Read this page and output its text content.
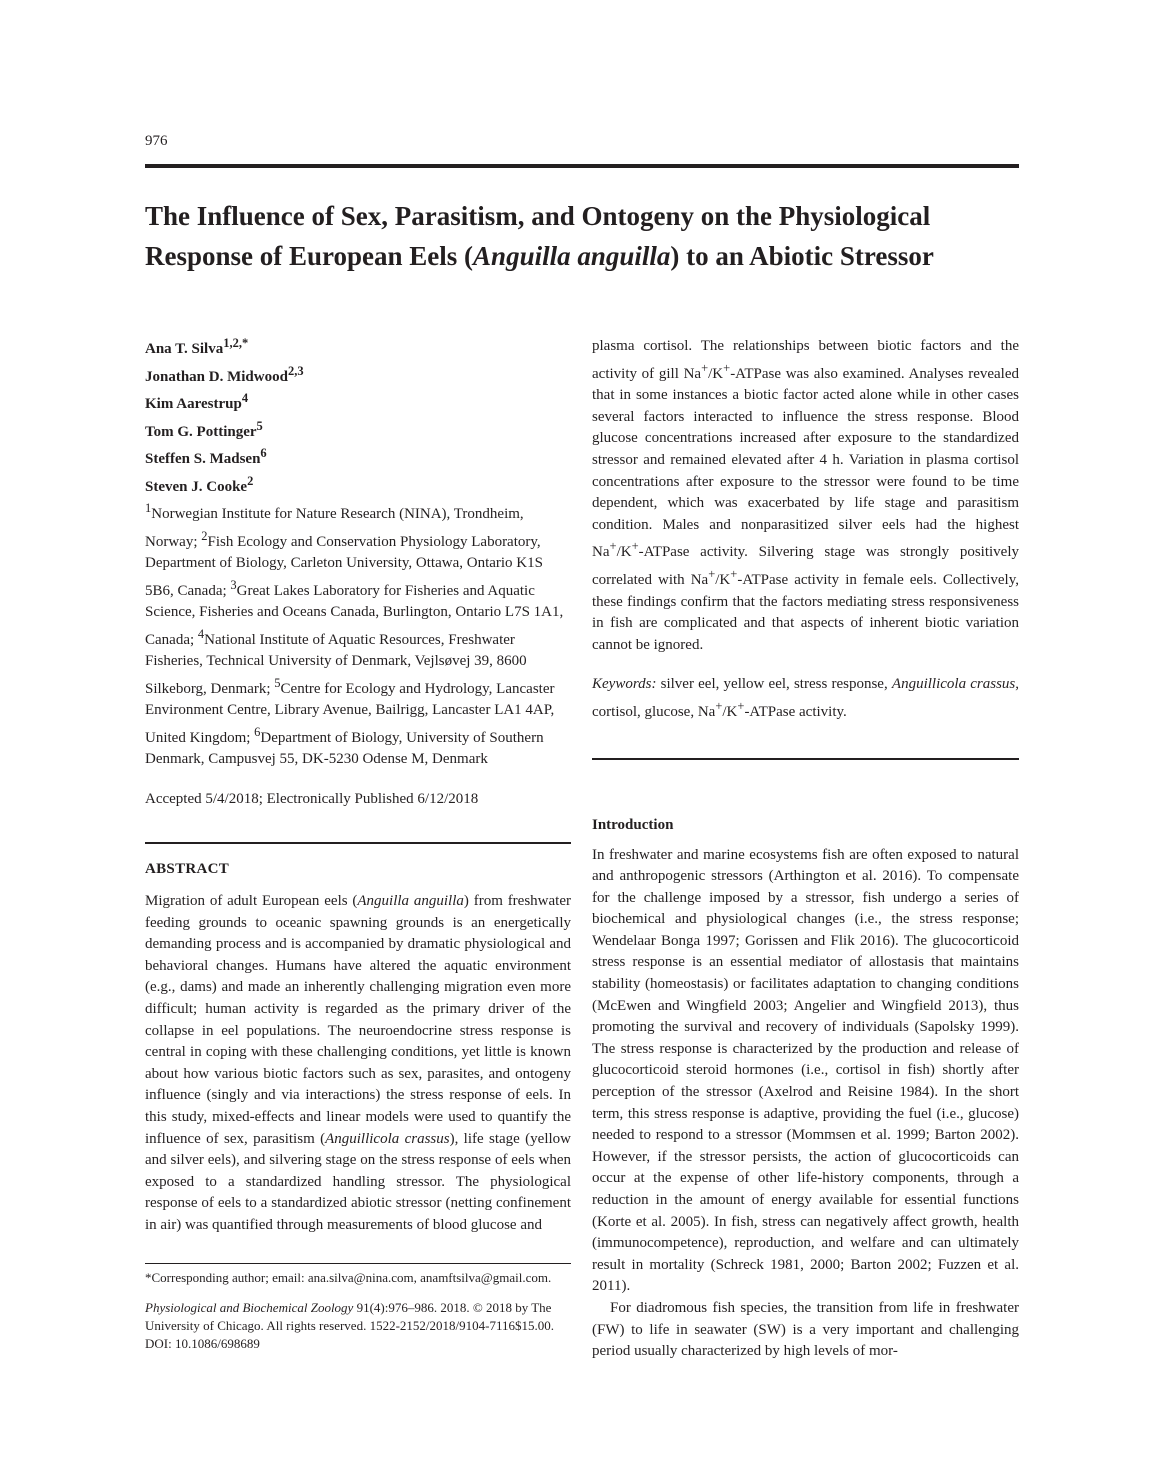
976
The Influence of Sex, Parasitism, and Ontogeny on the Physiological
Response of European Eels (Anguilla anguilla) to an Abiotic Stressor
Ana T. Silva$^{1,2,*}$
Jonathan D. Midwood$^{2,3}$
Kim Aarestrup$^4$
Tom G. Pottinger$^5$
Steffen S. Madsen$^6$
Steven J. Cooke$^2$
$^1$Norwegian Institute for Nature Research (NINA), Trondheim, Norway; $^2$Fish Ecology and Conservation Physiology Laboratory, Department of Biology, Carleton University, Ottawa, Ontario K1S 5B6, Canada; $^3$Great Lakes Laboratory for Fisheries and Aquatic Science, Fisheries and Oceans Canada, Burlington, Ontario L7S 1A1, Canada; $^4$National Institute of Aquatic Resources, Freshwater Fisheries, Technical University of Denmark, Vejlsøvej 39, 8600 Silkeborg, Denmark; $^5$Centre for Ecology and Hydrology, Lancaster Environment Centre, Library Avenue, Bailrigg, Lancaster LA1 4AP, United Kingdom; $^6$Department of Biology, University of Southern Denmark, Campusvej 55, DK-5230 Odense M, Denmark
Accepted 5/4/2018; Electronically Published 6/12/2018
ABSTRACT

Migration of adult European eels (Anguilla anguilla) from freshwater feeding grounds to oceanic spawning grounds is an energetically demanding process and is accompanied by dramatic physiological and behavioral changes. Humans have altered the aquatic environment (e.g., dams) and made an inherently challenging migration even more difficult; human activity is regarded as the primary driver of the collapse in eel populations. The neuroendocrine stress response is central in coping with these challenging conditions, yet little is known about how various biotic factors such as sex, parasites, and ontogeny influence (singly and via interactions) the stress response of eels. In this study, mixed-effects and linear models were used to quantify the influence of sex, parasitism (Anguillicola crassus), life stage (yellow and silver eels), and silvering stage on the stress response of eels when exposed to a standardized handling stressor. The physiological response of eels to a standardized abiotic stressor (netting confinement in air) was quantified through measurements of blood glucose and

*Corresponding author; email: ana.silva@nina.com, anamftsilva@gmail.com.
Physiological and Biochemical Zoology 91(4):976–986. 2018. © 2018 by The University of Chicago. All rights reserved. 1522-2152/2018/9104-7116$15.00. DOI: 10.1086/698689

plasma cortisol. The relationships between biotic factors and the activity of gill Na+/K+-ATPase was also examined. Analyses revealed that in some instances a biotic factor acted alone while in other cases several factors interacted to influence the stress response. Blood glucose concentrations increased after exposure to the standardized stressor and remained elevated after 4 h. Variation in plasma cortisol concentrations after exposure to the stressor were found to be time dependent, which was exacerbated by life stage and parasitism condition. Males and nonparasitized silver eels had the highest Na+/K+-ATPase activity. Silvering stage was strongly positively correlated with Na+/K+-ATPase activity in female eels. Collectively, these findings confirm that the factors mediating stress responsiveness in fish are complicated and that aspects of inherent biotic variation cannot be ignored.

Keywords: silver eel, yellow eel, stress response, Anguillicola crassus, cortisol, glucose, Na+/K+-ATPase activity.

Introduction

In freshwater and marine ecosystems fish are often exposed to natural and anthropogenic stressors (Arthington et al. 2016). To compensate for the challenge imposed by a stressor, fish undergo a series of biochemical and physiological changes (i.e., the stress response; Wendelaar Bonga 1997; Gorissen and Flik 2016). The glucocorticoid stress response is an essential mediator of allostasis that maintains stability (homeostasis) or facilitates adaptation to changing conditions (McEwen and Wingfield 2003; Angelier and Wingfield 2013), thus promoting the survival and recovery of individuals (Sapolsky 1999). The stress response is characterized by the production and release of glucocorticoid steroid hormones (i.e., cortisol in fish) shortly after perception of the stressor (Axelrod and Reisine 1984). In the short term, this stress response is adaptive, providing the fuel (i.e., glucose) needed to respond to a stressor (Mommsen et al. 1999; Barton 2002). However, if the stressor persists, the action of glucocorticoids can occur at the expense of other life-history components, through a reduction in the amount of energy available for essential functions (Korte et al. 2005). In fish, stress can negatively affect growth, health (immunocompetence), reproduction, and welfare and can ultimately result in mortality (Schreck 1981, 2000; Barton 2002; Fuzzen et al. 2011).

For diadromous fish species, the transition from life in freshwater (FW) to life in seawater (SW) is a very important and challenging period usually characterized by high levels of mor-
